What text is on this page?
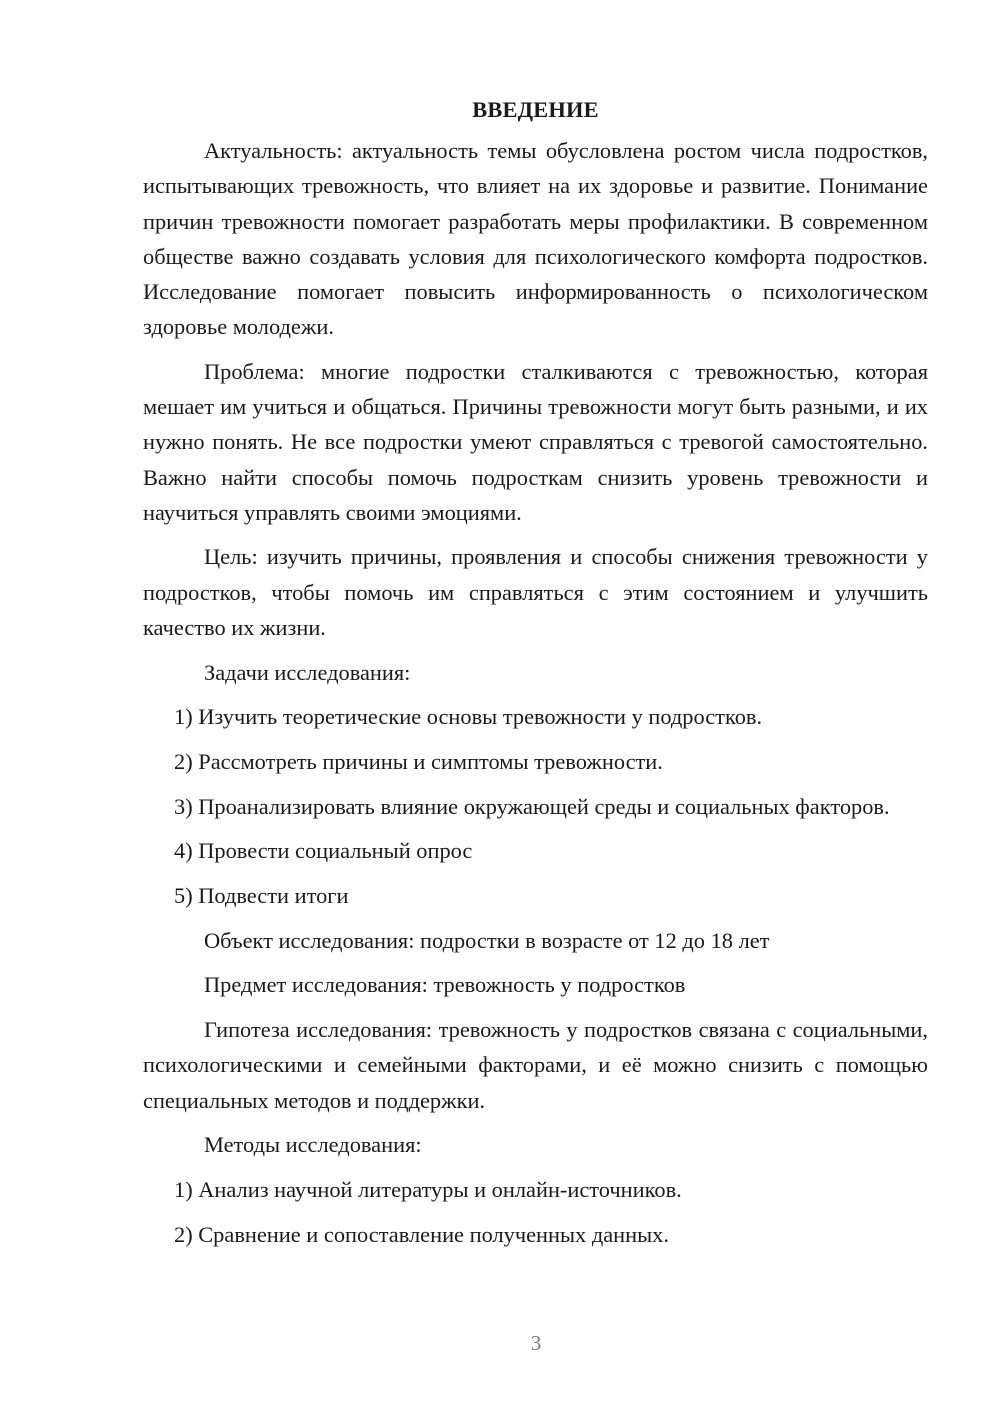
ВВЕДЕНИЕ

Актуальность: актуальность темы обусловлена ростом числа подростков, испытывающих тревожность, что влияет на их здоровье и развитие. Понимание причин тревожности помогает разработать меры профилактики. В современном обществе важно создавать условия для психологического комфорта подростков. Исследование помогает повысить информированность о психологическом здоровье молодежи.

Проблема: многие подростки сталкиваются с тревожностью, которая мешает им учиться и общаться. Причины тревожности могут быть разными, и их нужно понять. Не все подростки умеют справляться с тревогой самостоятельно. Важно найти способы помочь подросткам снизить уровень тревожности и научиться управлять своими эмоциями.

Цель: изучить причины, проявления и способы снижения тревожности у подростков, чтобы помочь им справляться с этим состоянием и улучшить качество их жизни.

Задачи исследования:

1) Изучить теоретические основы тревожности у подростков.

2) Рассмотреть причины и симптомы тревожности.

3) Проанализировать влияние окружающей среды и социальных факторов.

4) Провести социальный опрос

5) Подвести итоги

Объект исследования: подростки в возрасте от 12 до 18 лет

Предмет исследования: тревожность у подростков

Гипотеза исследования: тревожность у подростков связана с социальными, психологическими и семейными факторами, и её можно снизить с помощью специальных методов и поддержки.

Методы исследования:

1) Анализ научной литературы и онлайн-источников.

2) Сравнение и сопоставление полученных данных.

3
